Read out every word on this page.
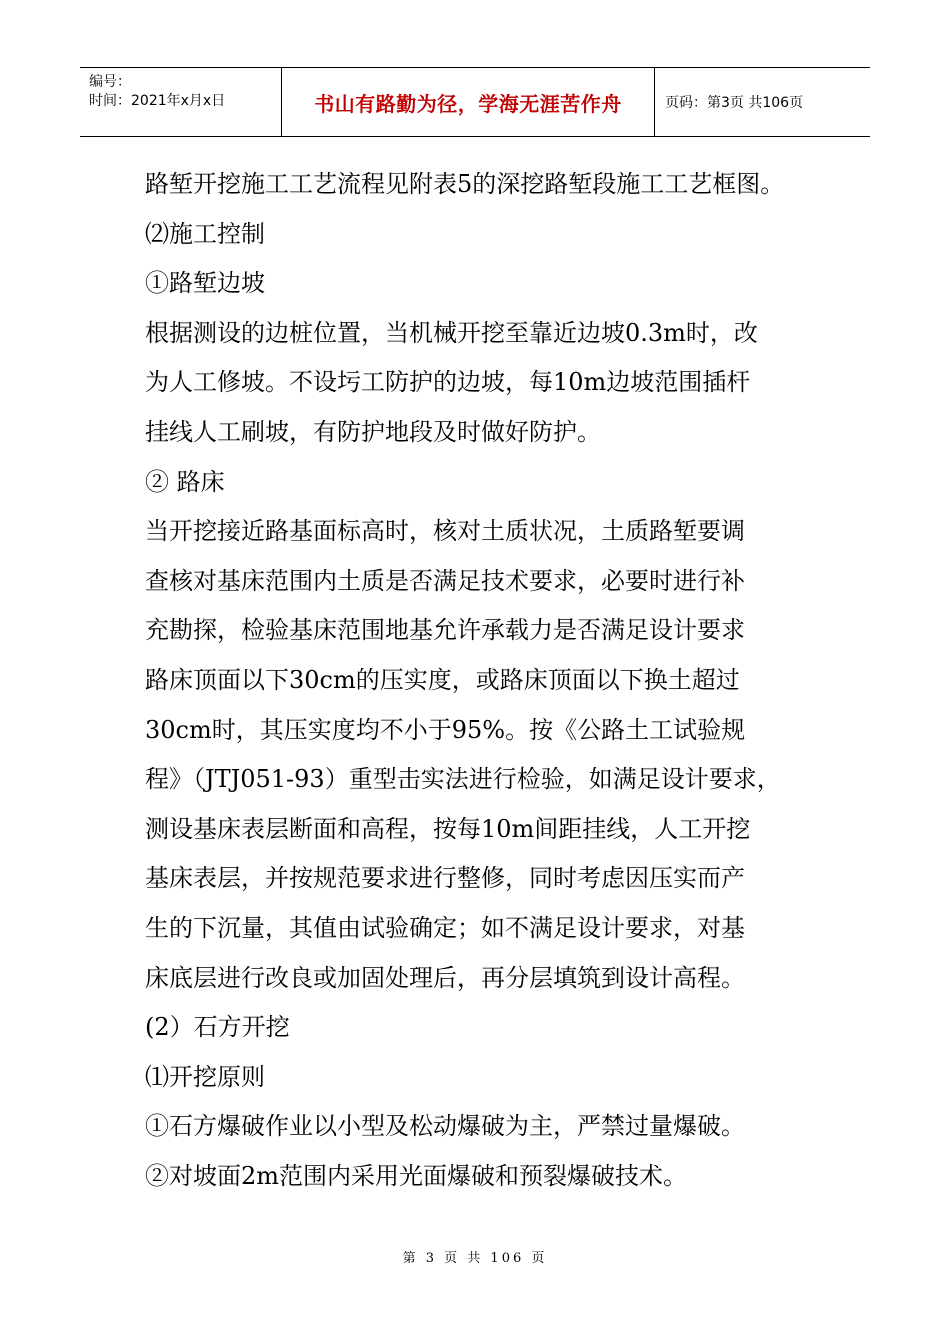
编号：
时间：2021年x月x日	书山有路勤为径，学海无涯苦作舟	页码：第3页 共106页
路堑开挖施工工艺流程见附表5的深挖路堑段施工工艺框图。
⑵施工控制
①路堑边坡
根据测设的边桩位置，当机械开挖至靠近边坡0.3m时，改
为人工修坡。不设圬工防护的边坡，每10m边坡范围插杆
挂线人工刷坡，有防护地段及时做好防护。
② 路床
当开挖接近路基面标高时，核对土质状况，土质路堑要调
查核对基床范围内土质是否满足技术要求，必要时进行补
充勘探，检验基床范围地基允许承载力是否满足设计要求
路床顶面以下30cm的压实度，或路床顶面以下换土超过
30cm时，其压实度均不小于95%。按《公路土工试验规
程》（JTJ051-93）重型击实法进行检验，如满足设计要求，
测设基床表层断面和高程，按每10m间距挂线，人工开挖
基床表层，并按规范要求进行整修，同时考虑因压实而产
生的下沉量，其值由试验确定；如不满足设计要求，对基
床底层进行改良或加固处理后，再分层填筑到设计高程。
(2）石方开挖
⑴开挖原则
①石方爆破作业以小型及松动爆破为主，严禁过量爆破。
②对坡面2m范围内采用光面爆破和预裂爆破技术。
第 3 页 共 106 页
